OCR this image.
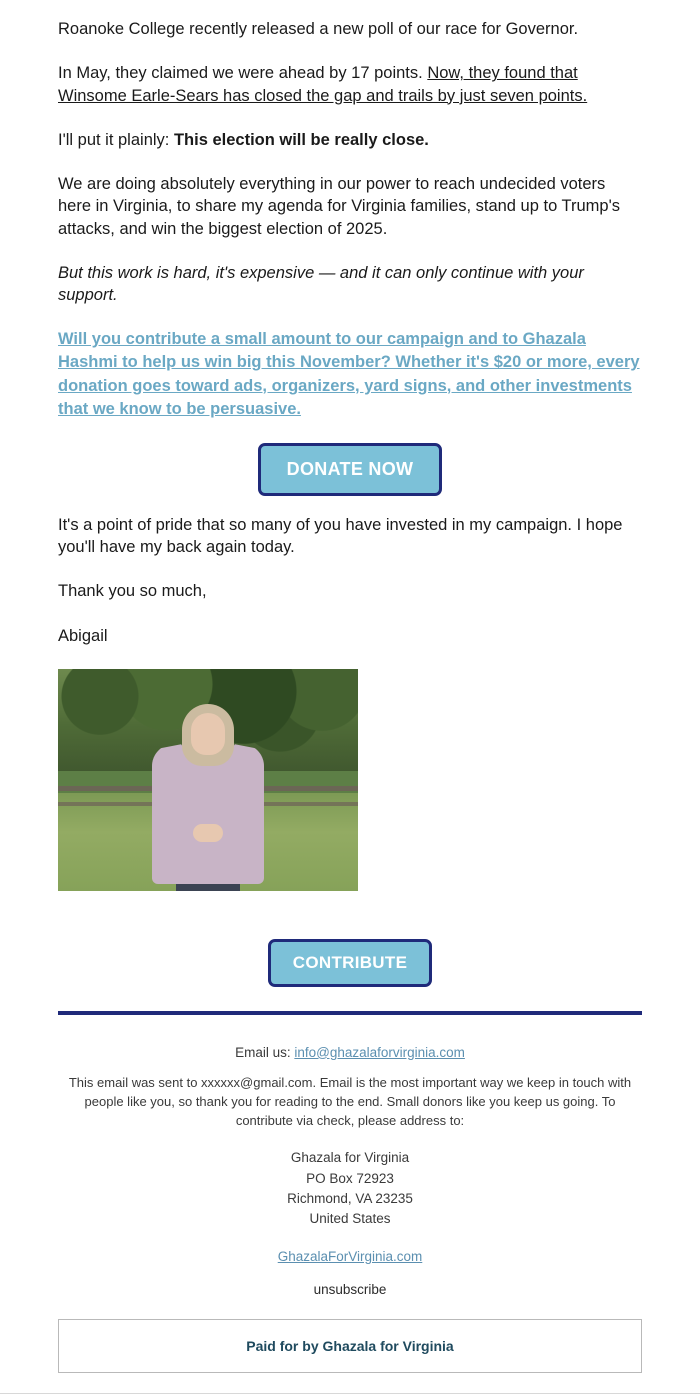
Roanoke College recently released a new poll of our race for Governor.

In May, they claimed we were ahead by 17 points. Now, they found that Winsome Earle-Sears has closed the gap and trails by just seven points.

I'll put it plainly: This election will be really close.

We are doing absolutely everything in our power to reach undecided voters here in Virginia, to share my agenda for Virginia families, stand up to Trump's attacks, and win the biggest election of 2025.

But this work is hard, it's expensive — and it can only continue with your support.

Will you contribute a small amount to our campaign and to Ghazala Hashmi to help us win big this November? Whether it's $20 or more, every donation goes toward ads, organizers, yard signs, and other investments that we know to be persuasive.
DONATE NOW

It's a point of pride that so many of you have invested in my campaign. I hope you'll have my back again today.

Thank you so much,

Abigail

CONTRIBUTE
Email us: info@ghazalaforvirginia.com
This email was sent to xxxxxx@gmail.com. Email is the most important way we keep in touch with people like you, so thank you for reading to the end. Small donors like you keep us going. To contribute via check, please address to:
Ghazala for Virginia
PO Box 72923
Richmond, VA 23235
United States
GhazalaForVirginia.com
unsubscribe
Paid for by Ghazala for Virginia
